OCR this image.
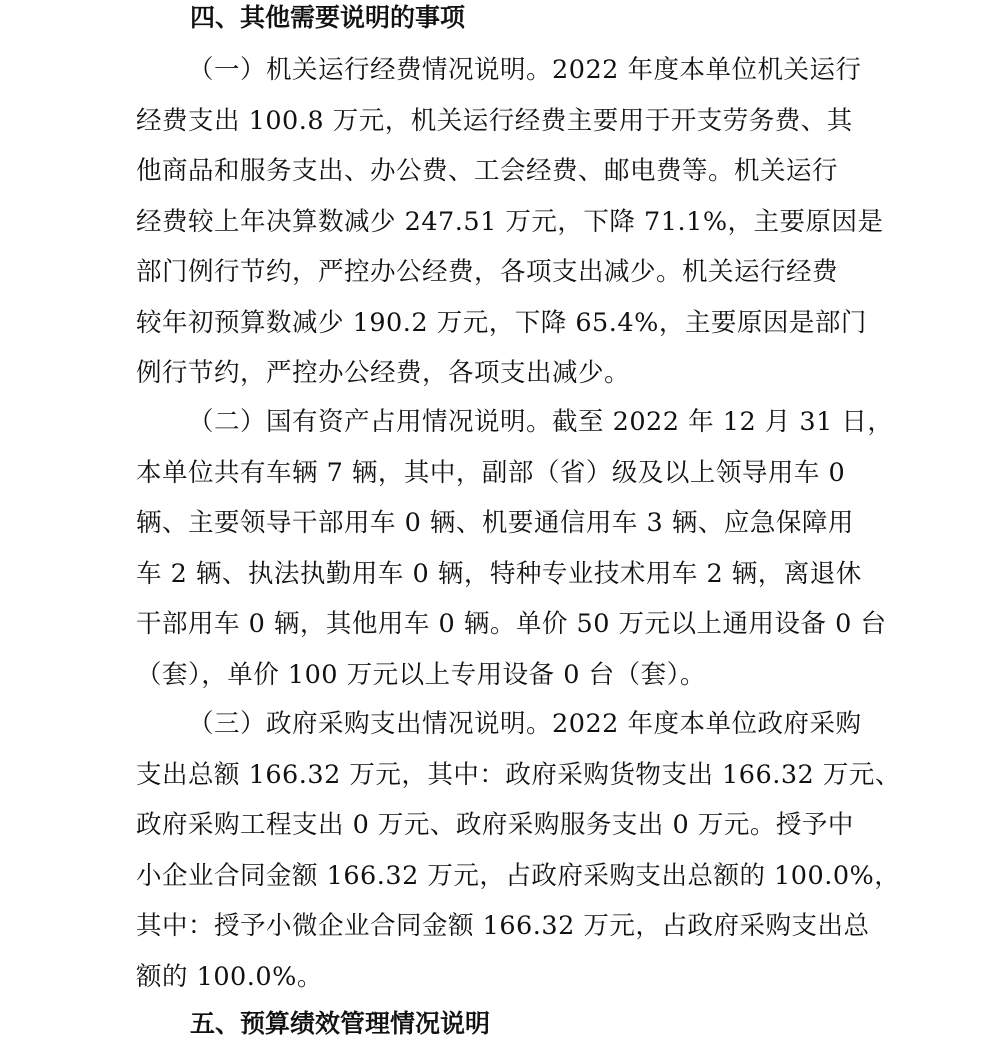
四、其他需要说明的事项
（一）机关运行经费情况说明。2022 年度本单位机关运行
经费支出 100.8 万元，机关运行经费主要用于开支劳务费、其
他商品和服务支出、办公费、工会经费、邮电费等。机关运行
经费较上年决算数减少 247.51 万元，下降 71.1%，主要原因是
部门例行节约，严控办公经费，各项支出减少。机关运行经费
较年初预算数减少 190.2 万元，下降 65.4%，主要原因是部门
例行节约，严控办公经费，各项支出减少。
（二）国有资产占用情况说明。截至 2022 年 12 月 31 日，
本单位共有车辆 7 辆，其中，副部（省）级及以上领导用车 0
辆、主要领导干部用车 0 辆、机要通信用车 3 辆、应急保障用
车 2 辆、执法执勤用车 0 辆，特种专业技术用车 2 辆，离退休
干部用车 0 辆，其他用车 0 辆。单价 50 万元以上通用设备 0 台
（套），单价 100 万元以上专用设备 0 台（套）。
（三）政府采购支出情况说明。2022 年度本单位政府采购
支出总额 166.32 万元，其中：政府采购货物支出 166.32 万元、
政府采购工程支出 0 万元、政府采购服务支出 0 万元。授予中
小企业合同金额 166.32 万元，占政府采购支出总额的 100.0%，
其中：授予小微企业合同金额 166.32 万元，占政府采购支出总
额的 100.0%。
五、预算绩效管理情况说明
